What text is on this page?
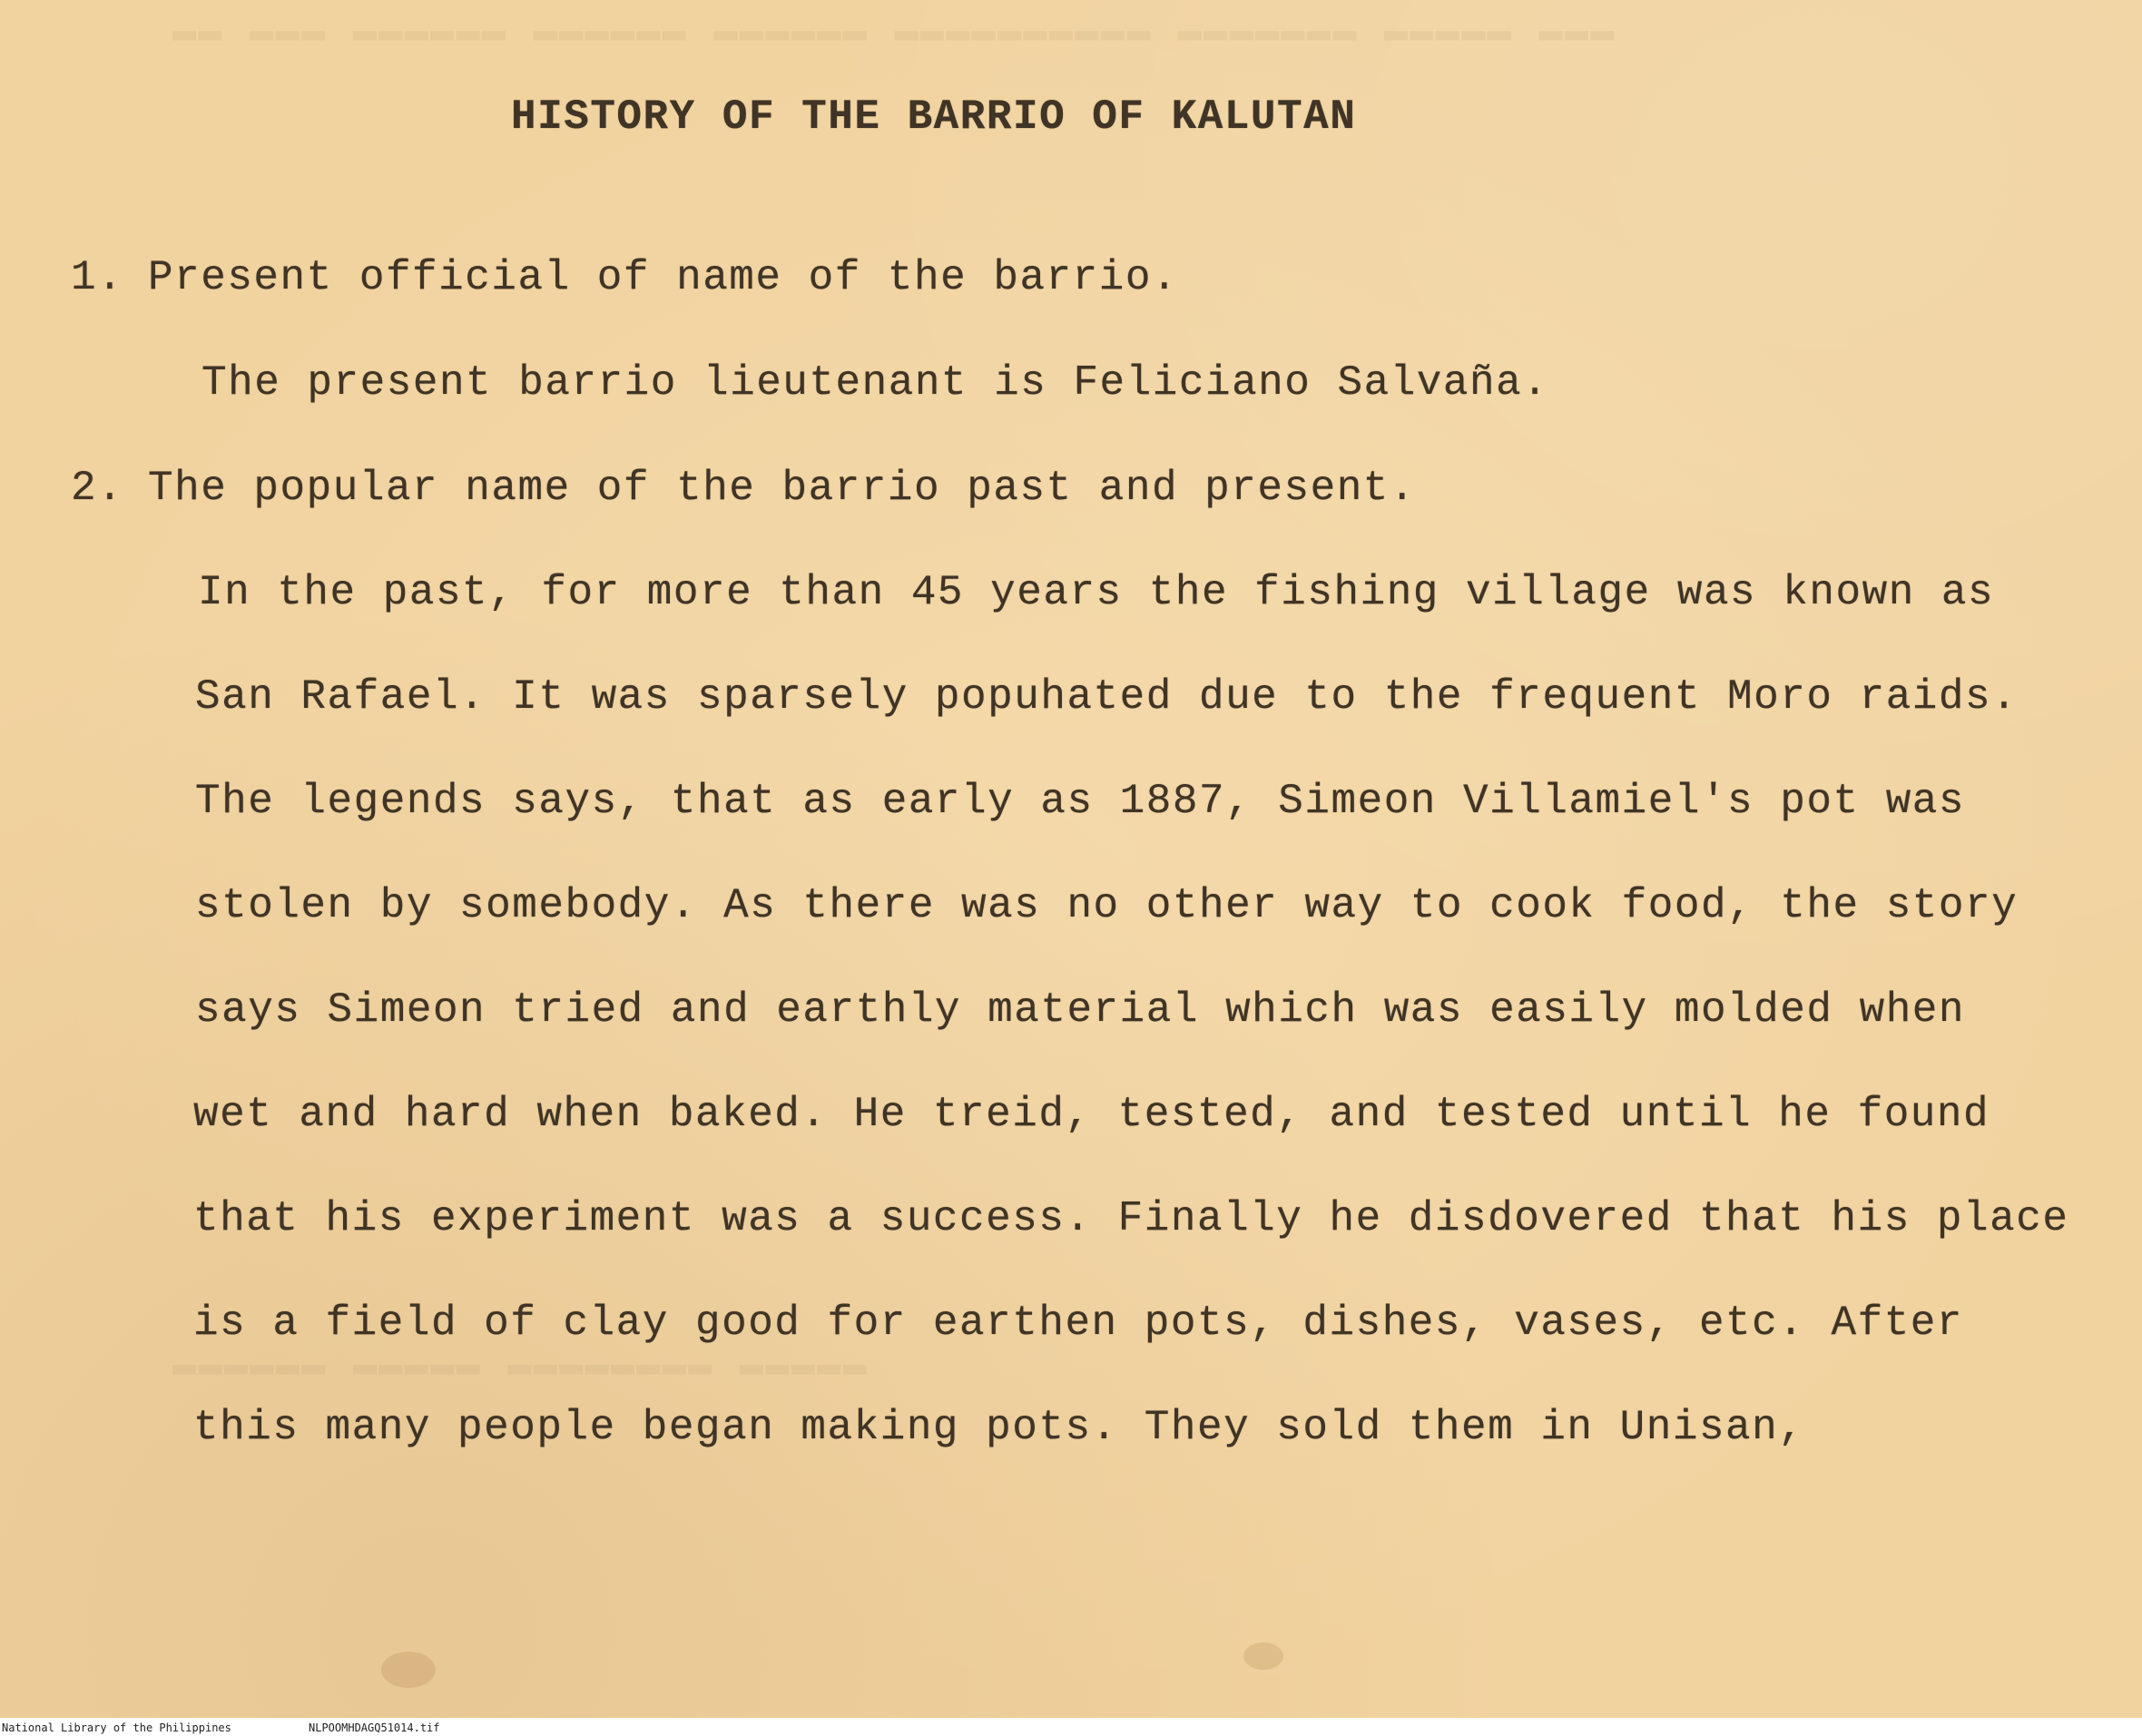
▬▬ ▬▬▬ ▬▬▬▬▬▬ ▬▬▬▬▬▬ ▬▬▬▬▬▬ ▬▬▬▬▬▬▬▬▬▬ ▬▬▬▬▬▬▬ ▬▬▬▬▬ ▬▬▬
▬▬▬▬▬▬ ▬▬▬▬▬ ▬▬▬▬▬▬▬▬ ▬▬▬▬▬
HISTORY OF THE BARRIO OF KALUTAN
1. Present official of name of the barrio.

The present barrio lieutenant is Feliciano Salvaña.

2. The popular name of the barrio past and present.

In the past, for more than 45 years the fishing village was known as

San Rafael. It was sparsely popuhated due to the frequent Moro raids.

The legends says, that as early as 1887, Simeon Villamiel's pot was

stolen by somebody. As there was no other way to cook food, the story

says Simeon tried and earthly material which was easily molded when

wet and hard when baked. He treid, tested, and tested until he found

that his experiment was a success. Finally he disdovered that his place

is a field of clay good for earthen pots, dishes, vases, etc. After

this many people began making pots. They sold them in Unisan,

National Library of the Philippines	NLPOOMHDAGQ51014.tif
